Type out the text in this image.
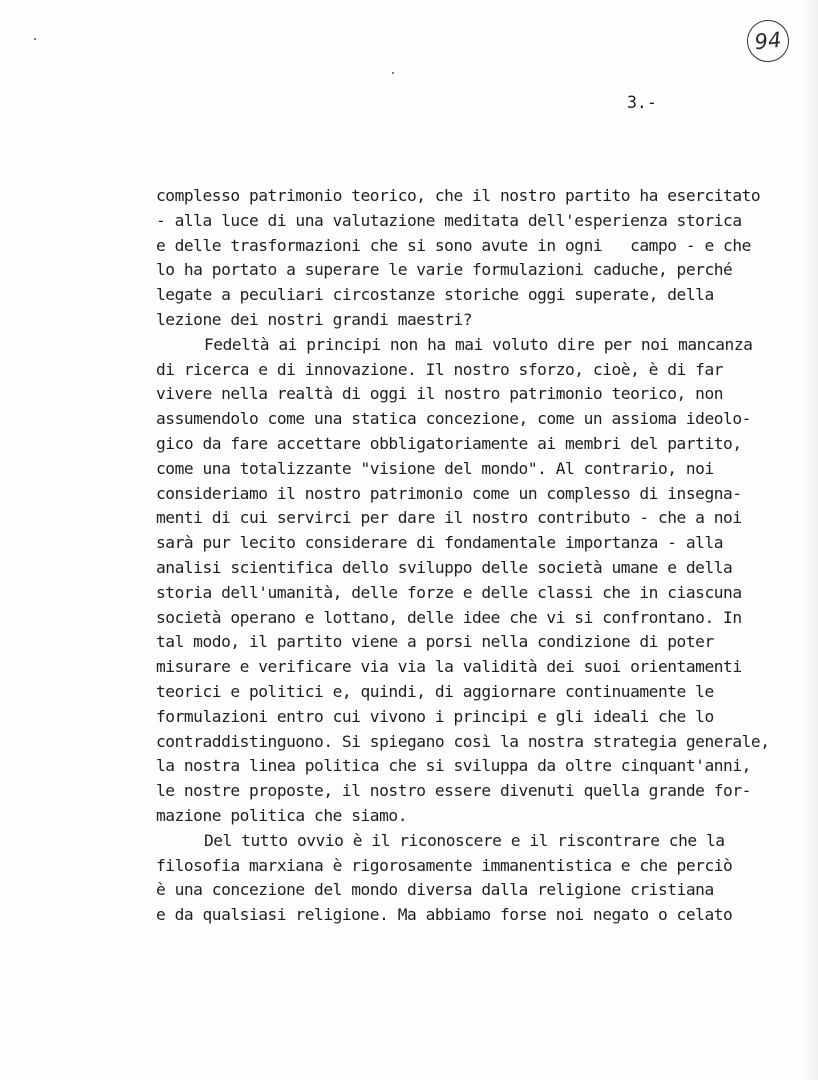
94
3.-
complesso patrimonio teorico, che il nostro partito ha esercitato
- alla luce di una valutazione meditata dell'esperienza storica
e delle trasformazioni che si sono avute in ogni   campo - e che
lo ha portato a superare le varie formulazioni caduche, perché
legate a peculiari circostanze storiche oggi superate, della
lezione dei nostri grandi maestri?
Fedeltà ai principi non ha mai voluto dire per noi mancanza
di ricerca e di innovazione. Il nostro sforzo, cioè, è di far
vivere nella realtà di oggi il nostro patrimonio teorico, non
assumendolo come una statica concezione, come un assioma ideolo-
gico da fare accettare obbligatoriamente ai membri del partito,
come una totalizzante "visione del mondo". Al contrario, noi
consideriamo il nostro patrimonio come un complesso di insegna-
menti di cui servirci per dare il nostro contributo - che a noi
sarà pur lecito considerare di fondamentale importanza - alla
analisi scientifica dello sviluppo delle società umane e della
storia dell'umanità, delle forze e delle classi che in ciascuna
società operano e lottano, delle idee che vi si confrontano. In
tal modo, il partito viene a porsi nella condizione di poter
misurare e verificare via via la validità dei suoi orientamenti
teorici e politici e, quindi, di aggiornare continuamente le
formulazioni entro cui vivono i principi e gli ideali che lo
contraddistinguono. Si spiegano così la nostra strategia generale,
la nostra linea politica che si sviluppa da oltre cinquant'anni,
le nostre proposte, il nostro essere divenuti quella grande for-
mazione politica che siamo.
Del tutto ovvio è il riconoscere e il riscontrare che la
filosofia marxiana è rigorosamente immanentistica e che perciò
è una concezione del mondo diversa dalla religione cristiana
e da qualsiasi religione. Ma abbiamo forse noi negato o celato
